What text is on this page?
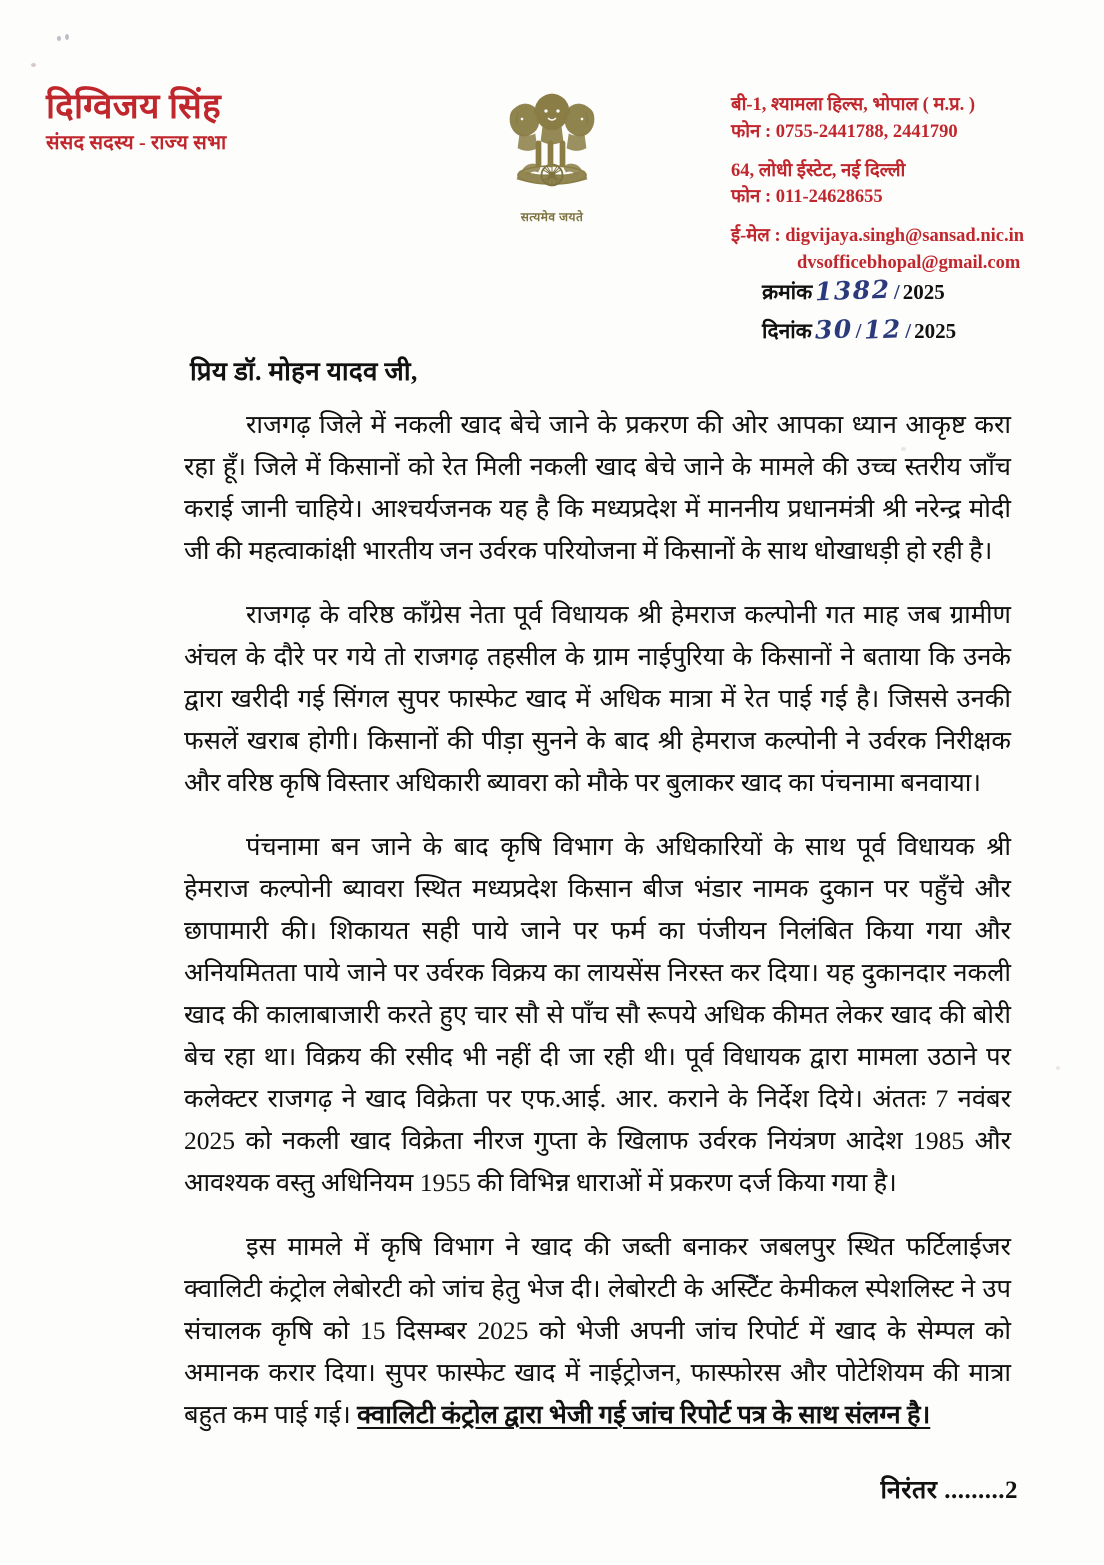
दिग्विजय सिंह
संसद सदस्य - राज्य सभा
सत्यमेव जयते
बी-1, श्यामला हिल्स, भोपाल ( म.प्र. )
फोन : 0755-2441788, 2441790
64, लोधी ईस्टेट, नई दिल्ली
फोन : 011-24628655
ई-मेल : digvijaya.singh@sansad.nic.in
dvsofficebhopal@gmail.com
क्रमांक 1382 / 2025
दिनांक 30 / 12 / 2025
प्रिय डॉ. मोहन यादव जी,

राजगढ़ जिले में नकली खाद बेचे जाने के प्रकरण की ओर आपका ध्यान आकृष्ट करा रहा हूँ। जिले में किसानों को रेत मिली नकली खाद बेचे जाने के मामले की उच्च स्तरीय जाँच कराई जानी चाहिये। आश्चर्यजनक यह है कि मध्यप्रदेश में माननीय प्रधानमंत्री श्री नरेन्द्र मोदी जी की महत्वाकांक्षी भारतीय जन उर्वरक परियोजना में किसानों के साथ धोखाधड़ी हो रही है।

राजगढ़ के वरिष्ठ काँग्रेस नेता पूर्व विधायक श्री हेमराज कल्पोनी गत माह जब ग्रामीण अंचल के दौरे पर गये तो राजगढ़ तहसील के ग्राम नाईपुरिया के किसानों ने बताया कि उनके द्वारा खरीदी गई सिंगल सुपर फास्फेट खाद में अधिक मात्रा में रेत पाई गई है। जिससे उनकी फसलें खराब होगी। किसानों की पीड़ा सुनने के बाद श्री हेमराज कल्पोनी ने उर्वरक निरीक्षक और वरिष्ठ कृषि विस्तार अधिकारी ब्यावरा को मौके पर बुलाकर खाद का पंचनामा बनवाया।

पंचनामा बन जाने के बाद कृषि विभाग के अधिकारियों के साथ पूर्व विधायक श्री हेमराज कल्पोनी ब्यावरा स्थित मध्यप्रदेश किसान बीज भंडार नामक दुकान पर पहुँचे और छापामारी की। शिकायत सही पाये जाने पर फर्म का पंजीयन निलंबित किया गया और अनियमितता पाये जाने पर उर्वरक विक्रय का लायसेंस निरस्त कर दिया। यह दुकानदार नकली खाद की कालाबाजारी करते हुए चार सौ से पाँच सौ रूपये अधिक कीमत लेकर खाद की बोरी बेच रहा था। विक्रय की रसीद भी नहीं दी जा रही थी। पूर्व विधायक द्वारा मामला उठाने पर कलेक्टर राजगढ़ ने खाद विक्रेता पर एफ.आई. आर. कराने के निर्देश दिये। अंततः 7 नवंबर 2025 को नकली खाद विक्रेता नीरज गुप्ता के खिलाफ उर्वरक नियंत्रण आदेश 1985 और आवश्यक वस्तु अधिनियम 1955 की विभिन्न धाराओं में प्रकरण दर्ज किया गया है।

इस मामले में कृषि विभाग ने खाद की जब्ती बनाकर जबलपुर स्थित फर्टिलाईजर क्वालिटी कंट्रोल लेबोरटी को जांच हेतु भेज दी। लेबोरटी के अस्टिेंट केमीकल स्पेशलिस्ट ने उप संचालक कृषि को 15 दिसम्बर 2025 को भेजी अपनी जांच रिपोर्ट में खाद के सेम्पल को अमानक करार दिया। सुपर फास्फेट खाद में नाईट्रोजन, फास्फोरस और पोटेशियम की मात्रा बहुत कम पाई गई। क्वालिटी कंट्रोल द्वारा भेजी गई जांच रिपोर्ट पत्र के साथ संलग्न है।

निरंतर .........2
